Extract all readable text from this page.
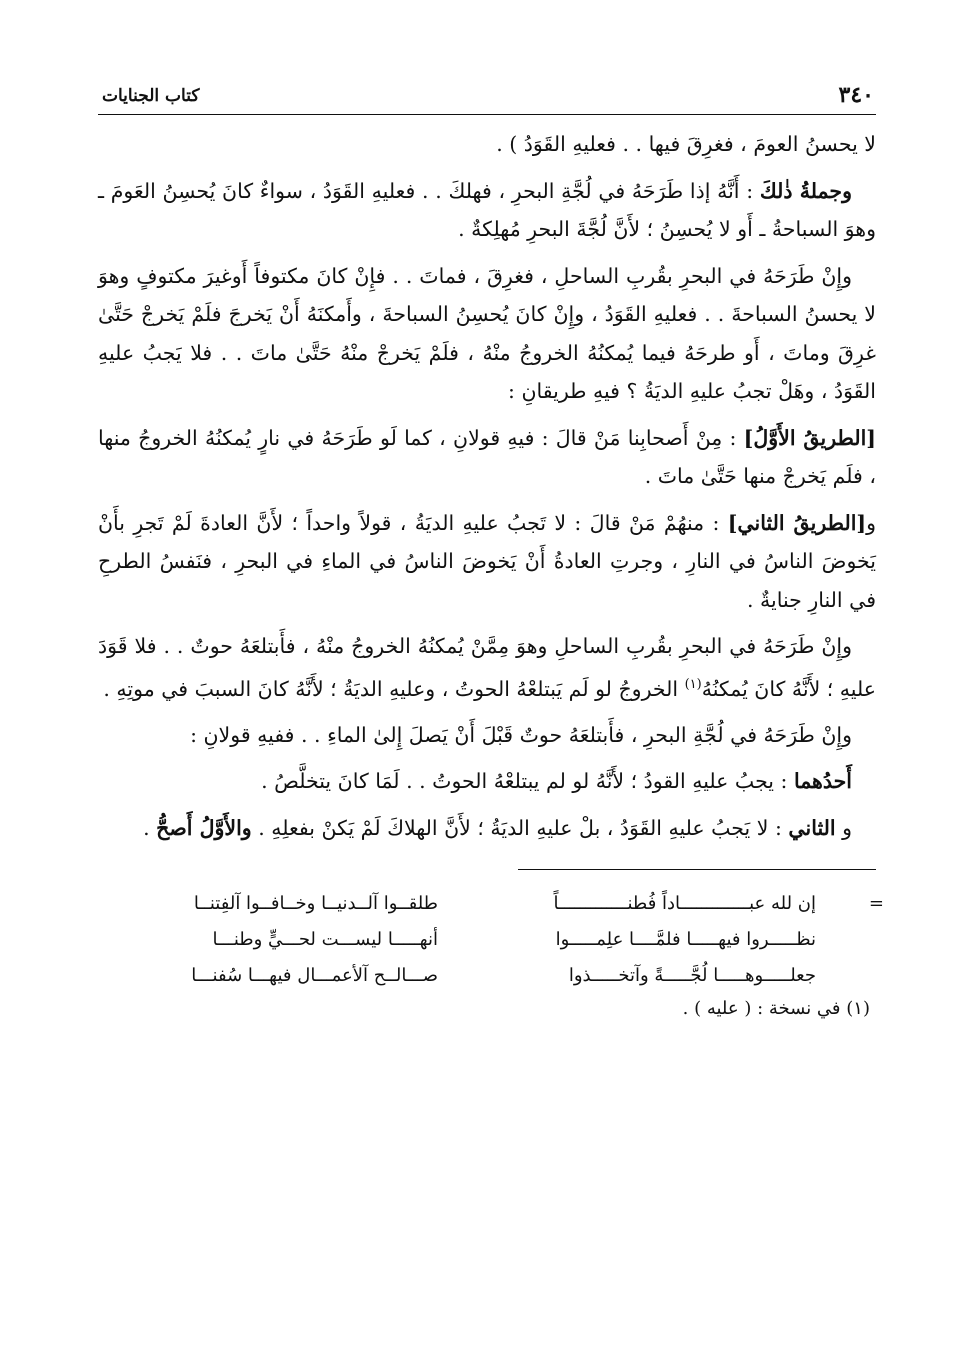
٣٤٠
كتاب الجنايات

لا يحسنُ العومَ ، فغرِقَ فيها . . فعليهِ القَوَدُ ) .

وجملةُ ذٰلكَ : أَنَّهُ إذا طَرَحَهُ في لُجَّةِ البحرِ ، فهلكَ . . فعليهِ القَوَدُ ، سواءٌ كانَ يُحسِنُ العَومَ ـ وهوَ السباحةُ ـ أَو لا يُحسِنُ ؛ لأَنَّ لُجَّةَ البحرِ مُهلِكةٌ .

وإِنْ طَرَحَهُ في البحرِ بقُربِ الساحلِ ، فغرِقَ ، فماتَ . . فإِنْ كانَ مكتوفاً أَوغيرَ مكتوفٍ وهوَ لا يحسنُ السباحةَ . . فعليهِ القَوَدُ ، وإِنْ كانَ يُحسِنُ السباحةَ ، وأَمكنَهُ أَنْ يَخرجَ فلَمْ يَخرجْ حَتَّىٰ غرِقَ وماتَ ، أَو طرحَهُ فيما يُمكنُهُ الخروجُ منْهُ ، فلَمْ يَخرجْ منْهُ حَتَّىٰ ماتَ . . فلا يَجبُ عليهِ القَوَدُ ، وهَلْ تجبُ عليهِ الديَةُ ؟ فيهِ طريقانِ :

[الطريقُ الأَوَّلُ] : مِنْ أَصحابِنا مَنْ قالَ : فيهِ قولانِ ، كما لَو طَرَحَهُ في نارٍ يُمكنُهُ الخروجُ منها ، فلَم يَخرجْ منها حَتَّىٰ ماتَ .

و[الطريقُ الثاني] : منهُمْ مَنْ قالَ : لا تَجبُ عليهِ الديَةُ ، قولاً واحداً ؛ لأَنَّ العادةَ لَمْ تَجرِ بأَنْ يَخوضَ الناسُ في النارِ ، وجرتِ العادةُ أَنْ يَخوضَ الناسُ في الماءِ في البحرِ ، فنَفسُ الطرحِ في النارِ جنايةٌ .

وإِنْ طَرَحَهُ في البحرِ بقُربِ الساحلِ وهوَ مِمَّنْ يُمكنُهُ الخروجُ منْهُ ، فأَبتلعَهُ حوتٌ . . فلا قَوَدَ عليهِ ؛ لأَنَّهُ كانَ يُمكنُهُ$^{(١)}$ الخروجُ لو لَم يَبتلعْهُ الحوتُ ، وعليهِ الديَةُ ؛ لأَنَّهُ كانَ السببَ في موتِهِ .

وإِنْ طَرَحَهُ في لُجَّةِ البحرِ ، فأَبتلعَهُ حوتٌ قَبْلَ أَنْ يَصلَ إِلىٰ الماءِ . . ففيهِ قولانِ :

أَحدُهما : يجبُ عليهِ القودُ ؛ لأَنَّهُ لو لم يبتلعْهُ الحوتُ . . لَمَا كانَ يتخلَّصُ .

و الثاني : لا يَجبُ عليهِ القَوَدُ ، بلْ عليهِ الديَةُ ؛ لأَنَّ الهلاكَ لَمْ يَكنْ بفعلِهِ . والأَوَّلُ أَصحُّ .

=
إن لله عبـــــــــــــاداً فُطنـــــــــــــاً
طلقــوا آلــدنيــا وخــافــوا آلفِتنــا
نظـــــروا فيهـــــا فلمَّــــا علِمـــــوا
أنهـــــا ليســـت لحـــيٍّ وطنـــا
جعلـــــوهـــــا لُجَّـــــةً وآتخـــــذوا
صـــالــح آلأعمـــال فيهـــا سُفنـــا
(١) في نسخة : ( عليه ) .
